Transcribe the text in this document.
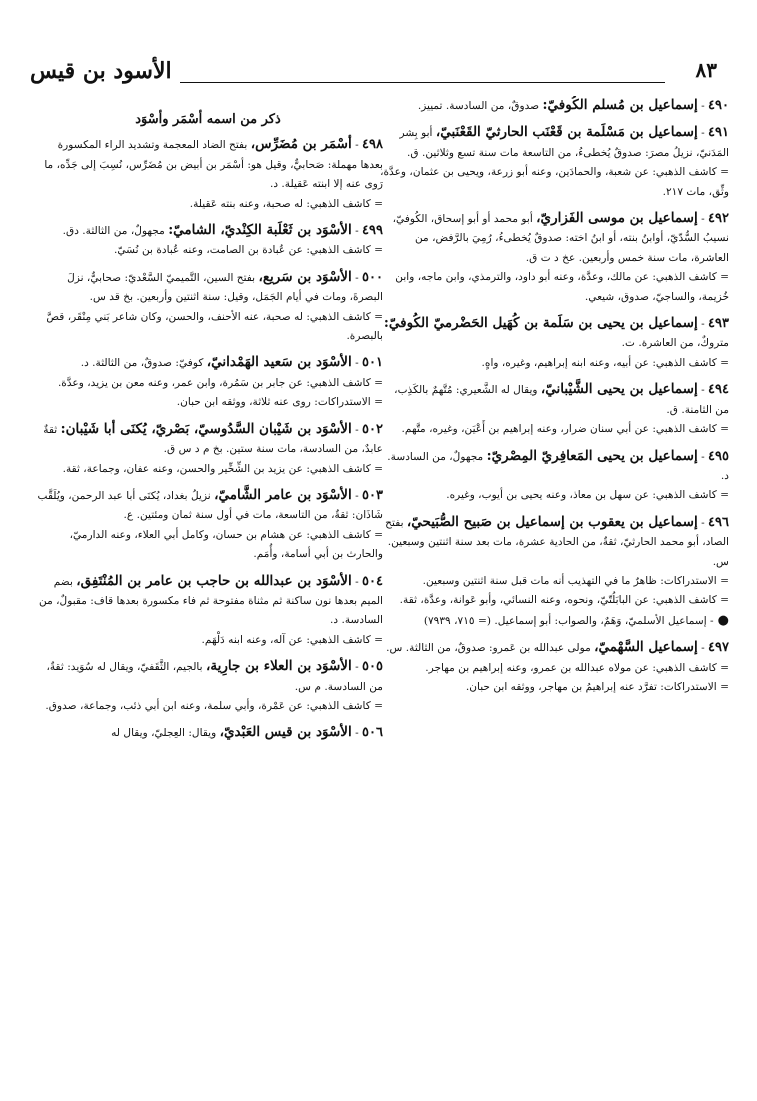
٨٣
الأسود بن قيس

٤٩٠ - إسماعيل بن مُسلم الكُوفيّ: صدوقٌ، من السادسة. تمييز.

٤٩١ - إسماعيل بن مَسْلَمة بن قَعْنَب الحارثيّ القَعْنَبيّ، أبو بِشر المَدَنيّ، نزيلُ مصرَ: صدوقٌ يُخطىءُ، من التاسعة مات سنة تسع وثلاثين. ق.

= كاشف الذهبي: عن شعبة، والحمادَين، وعنه أبو زرعة، ويحيى بن عثمان، وعدَّة، وثِّق، مات ٢١٧.

٤٩٢ - إسماعيل بن موسى الفَزاريّ، أبو محمد أو أبو إسحاق، الكُوفيّ، نسيبُ السُّدّيّ، أوابنُ بنته، أو ابنُ اخته: صدوقٌ يُخطىءُ، رُمِيَ بالرَّفض، من العاشرة، مات سنة خمس وأربعين. عخ د ت ق.

= كاشف الذهبي: عن مالك، وعدَّة، وعنه أبو داود، والترمذي، وابن ماجه، وابن خُزيمة، والساجيّ، صدوق، شيعي.

٤٩٣ - إسماعيل بن يحيى بن سَلَمة بن كُهَيل الحَضْرميّ الكُوفيّ: متروكٌ، من العاشرة. ت.

= كاشف الذهبي: عن أبيه، وعنه ابنه إبراهيم، وغيره، واهٍ.

٤٩٤ - إسماعيل بن يحيى الشَّيْبانيّ، ويقال له الشَّعيري: مُتَّهمٌ بالكَذِب، من الثامنة. ق.

= كاشف الذهبي: عن أبي سنان ضرار، وعنه إبراهيم بن أَعْيَن، وغيره، متَّهم.

٤٩٥ - إسماعيل بن يحيى المَعافِريّ المِصْريّ: مجهولٌ، من السادسة. د.

= كاشف الذهبي: عن سهل بن معاذ، وعنه يحيى بن أيوب، وغيره.

٤٩٦ - إسماعيل بن يعقوب بن إسماعيل بن صَبيح الصُّبَيحيّ، بفتح الصاد، أبو محمد الحارثيّ، ثقةٌ، من الحادية عشرة، مات بعد سنة اثنتين وسبعين. س.

= الاستدراكات: ظاهرٌ ما في التهذيب أنه مات قبل سنة اثنتين وسبعين.

= كاشف الذهبي: عن البابَلُتّيّ، ونحوه، وعنه النسائي، وأبو عَوانة، وعدَّة، ثقة.

●- إسماعيل الأسلميّ، وَهَمٌ، والصواب: أبو إسماعيل. (= ٧١٥، ٧٩٣٩)

٤٩٧ - إسماعيل السَّهْميّ، مولى عبدالله بن عَمرو: صدوقٌ، من الثالثة. س.

= كاشف الذهبي: عن مولاه عبدالله بن عمرو، وعنه إبراهيم بن مهاجر.

= الاستدراكات: تفرَّد عنه إبراهيمُ بن مهاجر، ووثقه ابن حبان.

ذكر من اسمه أسْمَر وأسْوَد

٤٩٨ - أسْمَر بن مُضَرِّس، بفتح الضاد المعجمة وتشديد الراء المكسورة بعدها مهملة: صَحابيٌّ، وقيل هو: أسْمَر بن أبيض بن مُضَرِّس، نُسِبَ إلى جَدِّه، ما رَوى عنه إلا ابنته عَقيلة. د.

= كاشف الذهبي: له صحبة، وعنه بنته عَقيلة.

٤٩٩ - الأسْوَد بن ثَعْلَبة الكِنْديّ، الشاميّ: مجهولٌ، من الثالثة. دق.

= كاشف الذهبي: عن عُبادة بن الصامت، وعنه عُبادة بن نُسَيّ.

٥٠٠ - الأسْوَد بن سَريع، بفتح السين، التَّميميّ السَّعْديّ: صحابيٌّ، نزلَ البصرةَ، ومات في أيام الجَمَل، وقيل: سنة اثنتين وأربعين. بخ قد س.

= كاشف الذهبي: له صحبة، عنه الأحنف، والحسن، وكان شاعر بَني مِنْقَر، قصَّ بالبصرة.

٥٠١ - الأسْوَد بن سَعيد الهَمْدانيّ، كوفيّ: صدوقٌ، من الثالثة. د.

= كاشف الذهبي: عن جابر بن سَمُرة، وابن عمر، وعنه معن بن يزيد، وعدَّة.

= الاستدراكات: روى عنه ثلاثة، ووثقه ابن حبان.

٥٠٢ - الأسْوَد بن شَيْبان السَّدُوسيّ، بَصْريّ، يُكنَى أبا شَيْبان: ثقةٌ عابدٌ، من السادسة، مات سنة ستين. بخ م د س ق.

= كاشف الذهبي: عن يزيد بن الشِّخِّير والحسن، وعنه عفان، وجماعة، ثقة.

٥٠٣ - الأسْوَد بن عامر الشَّاميّ، نزيلُ بغداد، يُكنَى أبا عبد الرحمن، ويُلَقَّب شَاذَان: ثقةٌ، من التاسعة، مات في أول سنة ثمان ومئتين. ع.

= كاشف الذهبي: عن هشام بن حسان، وكامل أبي العلاء، وعنه الدارميّ، والحارث بن أبي أسامة، وأُمَم.

٥٠٤ - الأسْوَد بن عبدالله بن حاجب بن عامر بن المُنْتَفِق، بضم الميم بعدها نون ساكنة ثم مثناة مفتوحة ثم فاء مكسورة بعدها قاف: مقبولٌ، من السادسة. د.

= كاشف الذهبي: عن آله، وعنه ابنه دَلْهَم.

٥٠٥ - الأسْوَد بن العلاء بن جارِية، بالجيم، الثَّقَفيّ، ويقال له سُوَيد: ثقةٌ، من السادسة. م س.

= كاشف الذهبي: عن عَمْرة، وأبي سلمة، وعنه ابن أبي ذئب، وجماعة، صدوق.

٥٠٦ - الأسْوَد بن قيس العَبْديّ، ويقال: العِجليّ، ويقال له
